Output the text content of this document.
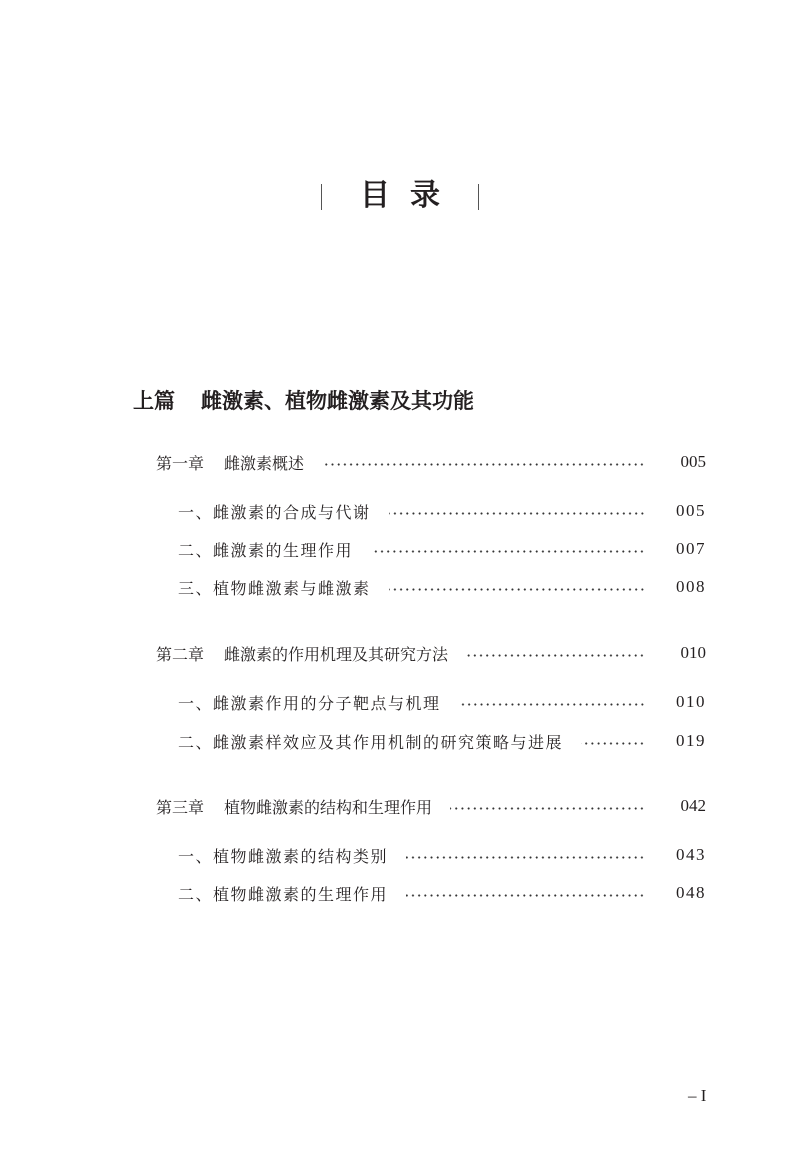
目 录
上篇 雌激素、植物雌激素及其功能
第一章 雌激素概述	005
一、雌激素的合成与代谢	005
二、雌激素的生理作用	007
三、植物雌激素与雌激素	008
第二章 雌激素的作用机理及其研究方法	010
一、雌激素作用的分子靶点与机理	010
二、雌激素样效应及其作用机制的研究策略与进展	019
第三章 植物雌激素的结构和生理作用	042
一、植物雌激素的结构类别	043
二、植物雌激素的生理作用	048
– I
